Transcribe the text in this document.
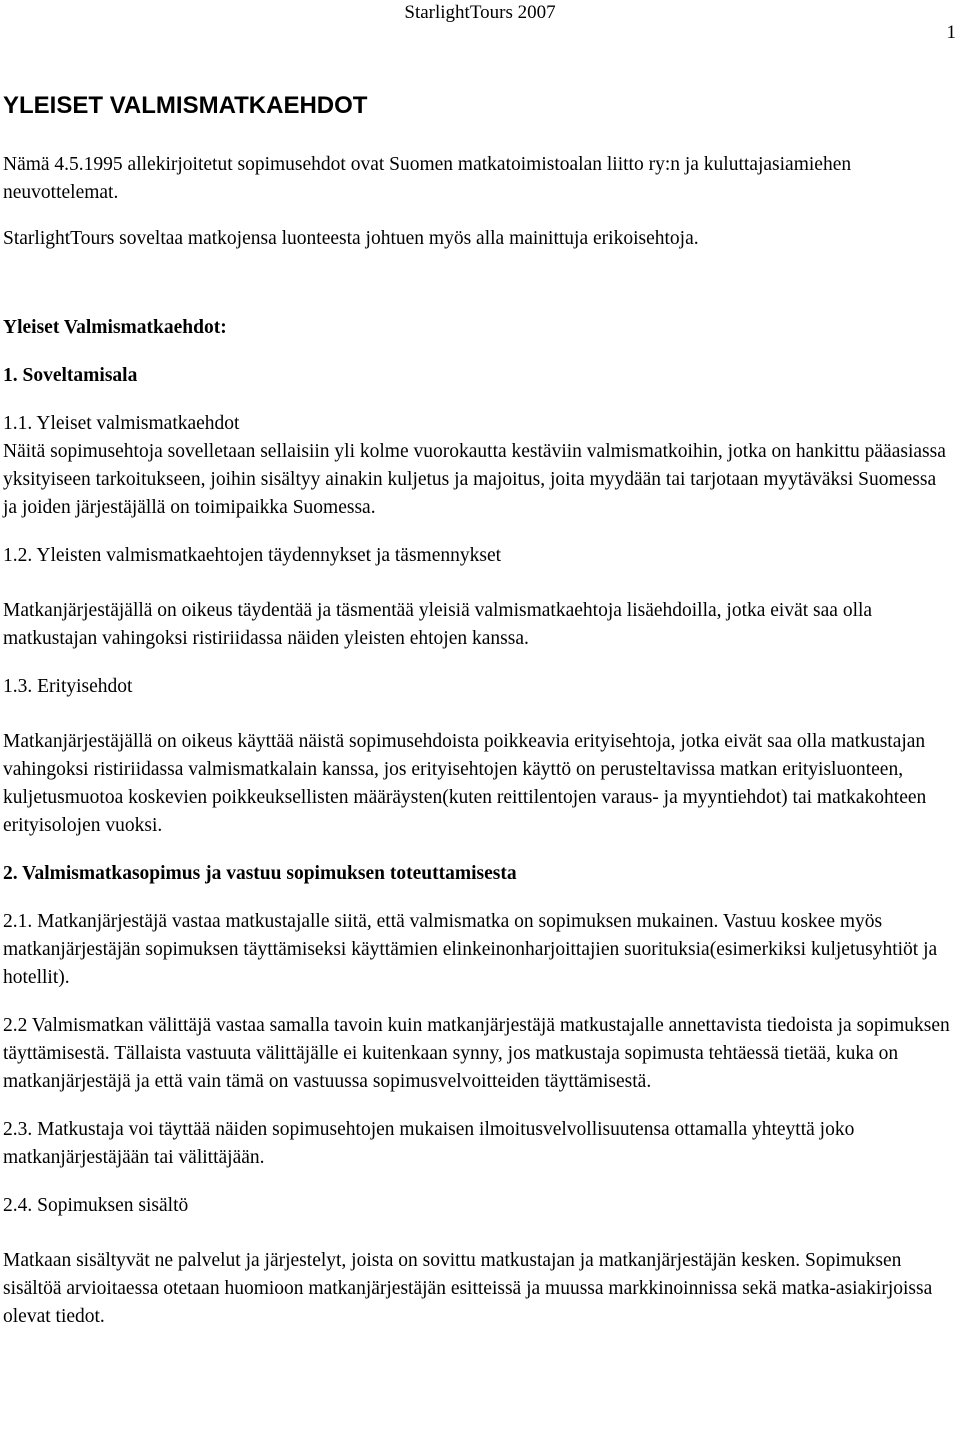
StarlightTours 2007
1
YLEISET VALMISMATKAEHDOT

Nämä 4.5.1995 allekirjoitetut sopimusehdot ovat Suomen matkatoimistoalan liitto ry:n ja kuluttajasiamiehen neuvottelemat.

StarlightTours soveltaa matkojensa luonteesta johtuen myös alla mainittuja erikoisehtoja.

Yleiset Valmismatkaehdot:

1. Soveltamisala

1.1. Yleiset valmismatkaehdot

Näitä sopimusehtoja sovelletaan sellaisiin yli kolme vuorokautta kestäviin valmismatkoihin, jotka on hankittu pääasiassa yksityiseen tarkoitukseen, joihin sisältyy ainakin kuljetus ja majoitus, joita myydään tai tarjotaan myytäväksi Suomessa ja joiden järjestäjällä on toimipaikka Suomessa.

1.2. Yleisten valmismatkaehtojen täydennykset ja täsmennykset

Matkanjärjestäjällä on oikeus täydentää ja täsmentää yleisiä valmismatkaehtoja lisäehdoilla, jotka eivät saa olla matkustajan vahingoksi ristiriidassa näiden yleisten ehtojen kanssa.

1.3. Erityisehdot

Matkanjärjestäjällä on oikeus käyttää näistä sopimusehdoista poikkeavia erityisehtoja, jotka eivät saa olla matkustajan vahingoksi ristiriidassa valmismatkalain kanssa, jos erityisehtojen käyttö on perusteltavissa matkan erityisluonteen, kuljetusmuotoa koskevien poikkeuksellisten määräysten(kuten reittilentojen varaus- ja myyntiehdot) tai matkakohteen erityisolojen vuoksi.

2. Valmismatkasopimus ja vastuu sopimuksen toteuttamisesta

2.1. Matkanjärjestäjä vastaa matkustajalle siitä, että valmismatka on sopimuksen mukainen. Vastuu koskee myös matkanjärjestäjän sopimuksen täyttämiseksi käyttämien elinkeinonharjoittajien suorituksia(esimerkiksi kuljetusyhtiöt ja hotellit).

2.2 Valmismatkan välittäjä vastaa samalla tavoin kuin matkanjärjestäjä matkustajalle annettavista tiedoista ja sopimuksen täyttämisestä. Tällaista vastuuta välittäjälle ei kuitenkaan synny, jos matkustaja sopimusta tehtäessä tietää, kuka on matkanjärjestäjä ja että vain tämä on vastuussa sopimusvelvoitteiden täyttämisestä.

2.3. Matkustaja voi täyttää näiden sopimusehtojen mukaisen ilmoitusvelvollisuutensa ottamalla yhteyttä joko matkanjärjestäjään tai välittäjään.

2.4. Sopimuksen sisältö

Matkaan sisältyvät ne palvelut ja järjestelyt, joista on sovittu matkustajan ja matkanjärjestäjän kesken. Sopimuksen sisältöä arvioitaessa otetaan huomioon matkanjärjestäjän esitteissä ja muussa markkinoinnissa sekä matka-asiakirjoissa olevat tiedot.
